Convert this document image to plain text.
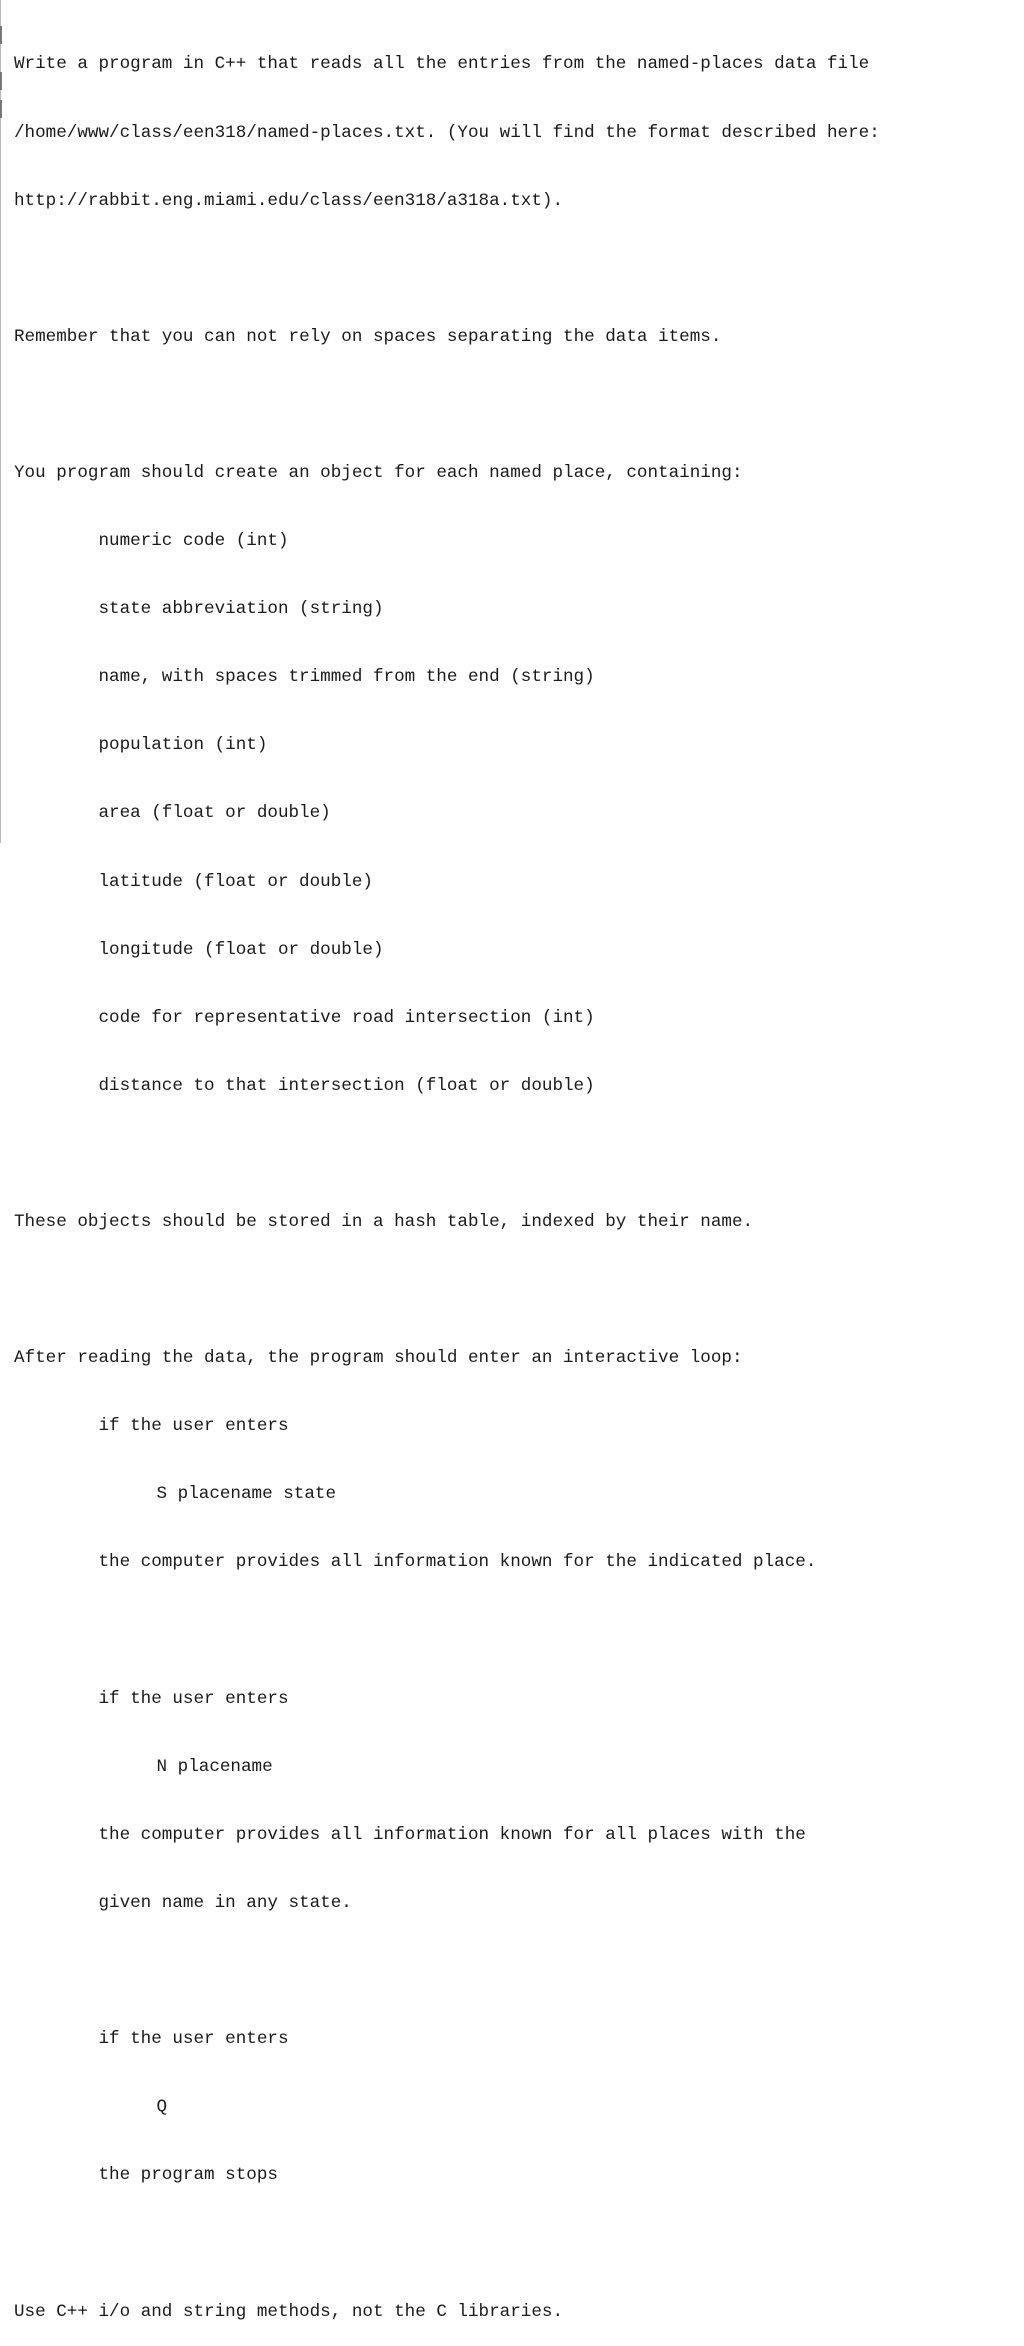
Write a program in C++ that reads all the entries from the named-places data file

/home/www/class/een318/named-places.txt. (You will find the format described here:

http://rabbit.eng.miami.edu/class/een318/a318a.txt).

Remember that you can not rely on spaces separating the data items.

You program should create an object for each named place, containing:

numeric code (int)

state abbreviation (string)

name, with spaces trimmed from the end (string)

population (int)

area (float or double)

latitude (float or double)

longitude (float or double)

code for representative road intersection (int)

distance to that intersection (float or double)

These objects should be stored in a hash table, indexed by their name.

After reading the data, the program should enter an interactive loop:

if the user enters

S placename state

the computer provides all information known for the indicated place.

if the user enters

N placename

the computer provides all information known for all places with the

given name in any state.

if the user enters

Q

the program stops

Use C++ i/o and string methods, not the C libraries.
